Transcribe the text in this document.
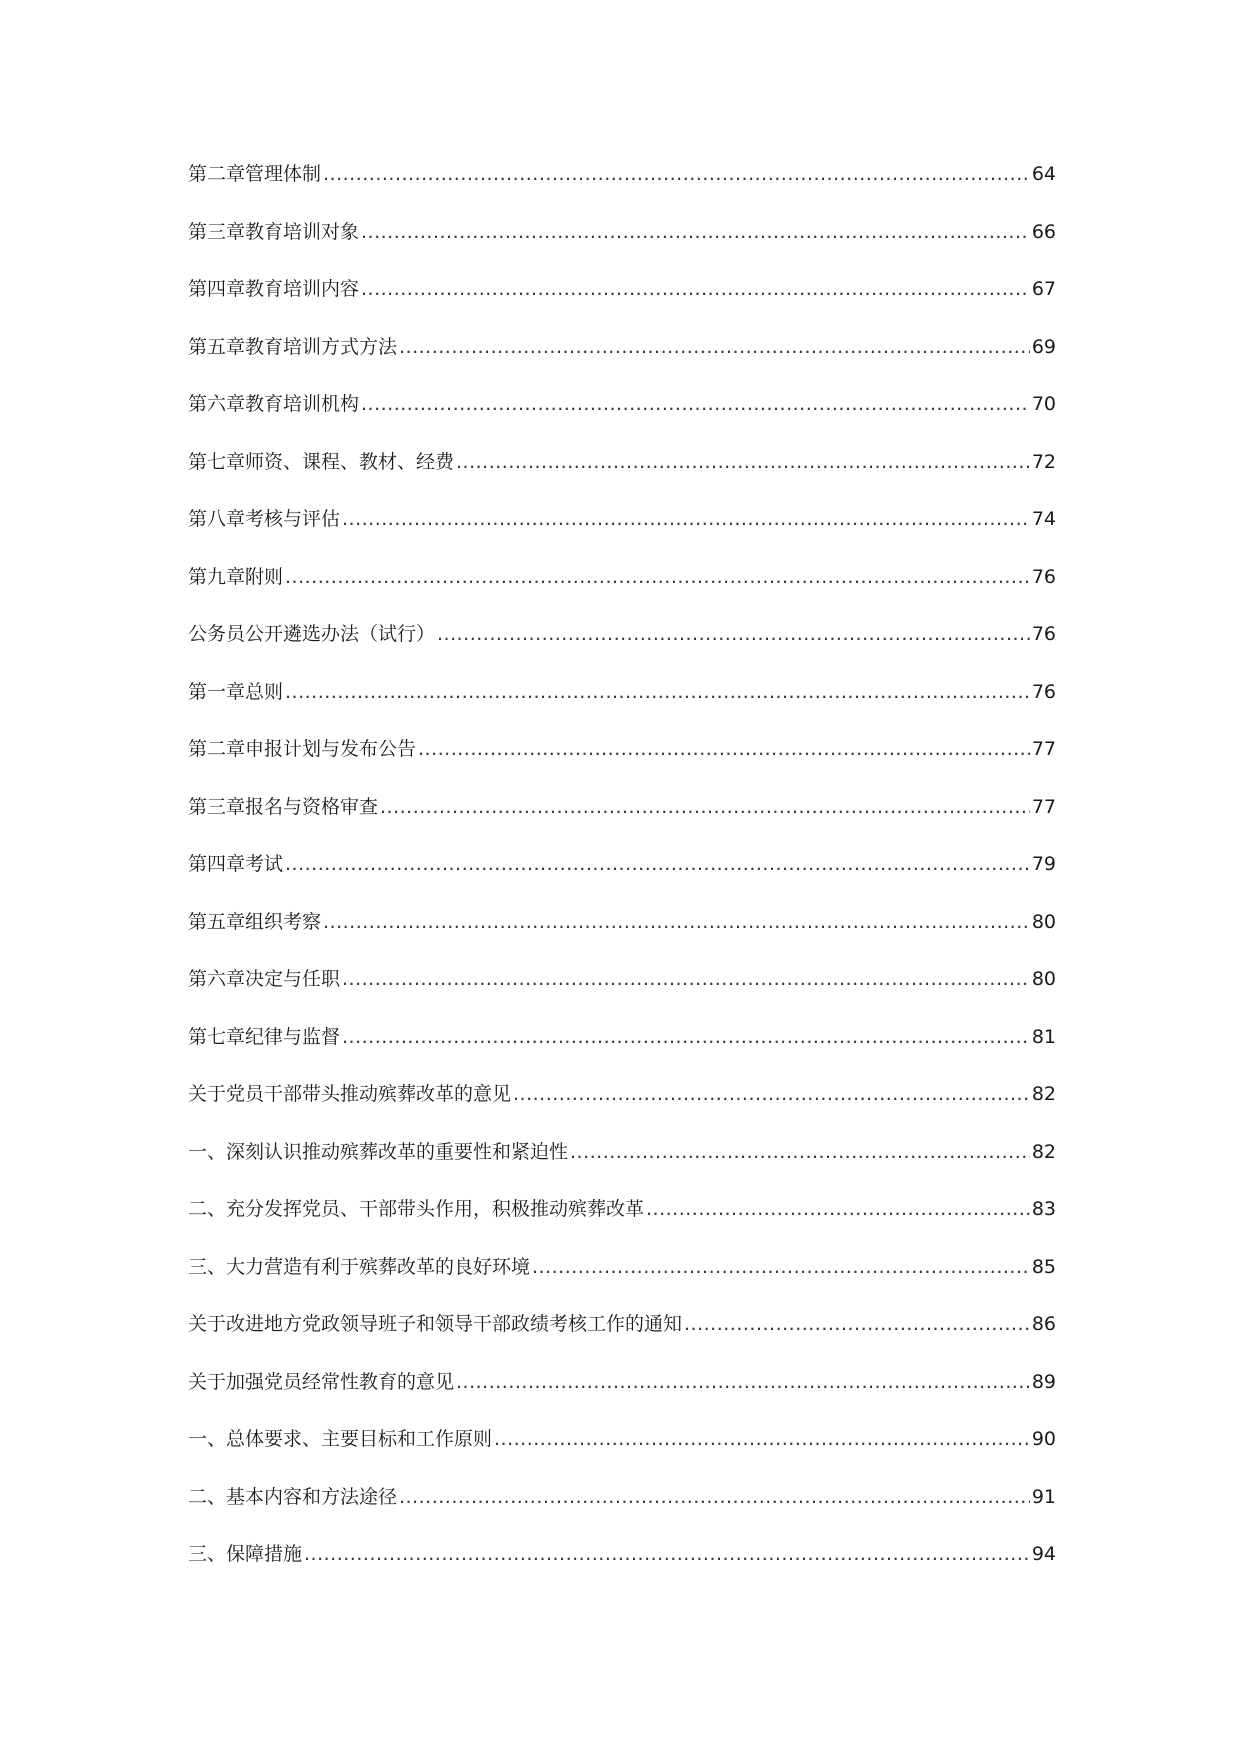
第二章管理体制 .....	64
第三章教育培训对象 .....	66
第四章教育培训内容 .....	67
第五章教育培训方式方法 .....	69
第六章教育培训机构 .....	70
第七章师资、课程、教材、经费 .....	72
第八章考核与评估 .....	74
第九章附则 .....	76
公务员公开遴选办法（试行） .....	76
第一章总则 .....	76
第二章申报计划与发布公告 .....	77
第三章报名与资格审查 .....	77
第四章考试 .....	79
第五章组织考察 .....	80
第六章决定与任职 .....	80
第七章纪律与监督 .....	81
关于党员干部带头推动殡葬改革的意见 .....	82
一、深刻认识推动殡葬改革的重要性和紧迫性 .....	82
二、充分发挥党员、干部带头作用，积极推动殡葬改革 .....	83
三、大力营造有利于殡葬改革的良好环境 .....	85
关于改进地方党政领导班子和领导干部政绩考核工作的通知 .....	86
关于加强党员经常性教育的意见 .....	89
一、总体要求、主要目标和工作原则 .....	90
二、基本内容和方法途径 .....	91
三、保障措施 .....	94
